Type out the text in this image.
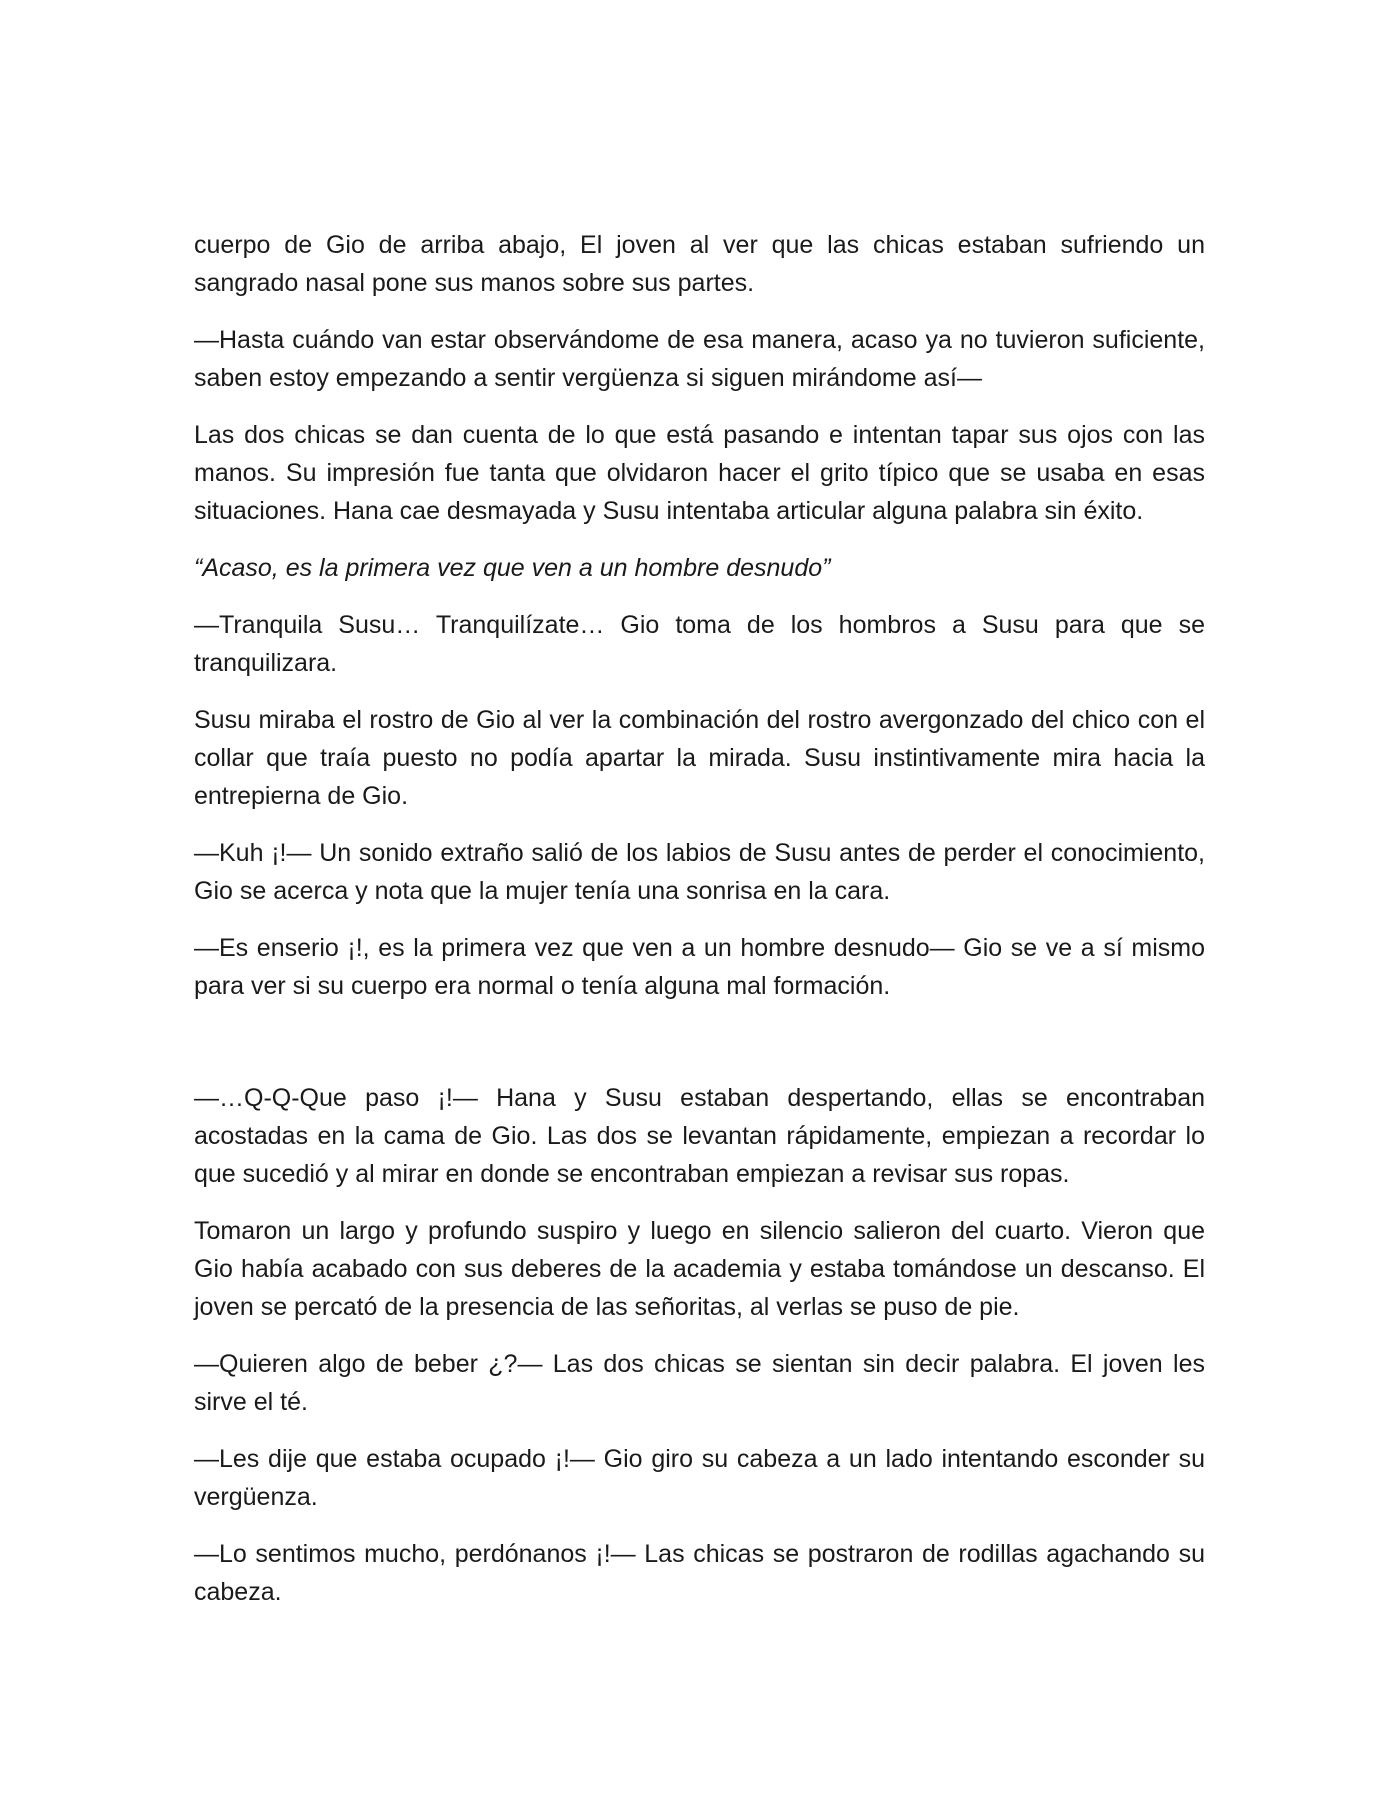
cuerpo de Gio de arriba abajo, El joven al ver que las chicas estaban sufriendo un sangrado nasal pone sus manos sobre sus partes.

—Hasta cuándo van estar observándome de esa manera, acaso ya no tuvieron suficiente, saben estoy empezando a sentir vergüenza si siguen mirándome así—

Las dos chicas se dan cuenta de lo que está pasando e intentan tapar sus ojos con las manos. Su impresión fue tanta que olvidaron hacer el grito típico que se usaba en esas situaciones. Hana cae desmayada y Susu intentaba articular alguna palabra sin éxito.

“Acaso, es la primera vez que ven a un hombre desnudo”

—Tranquila Susu… Tranquilízate… Gio toma de los hombros a Susu para que se tranquilizara.

Susu miraba el rostro de Gio al ver la combinación del rostro avergonzado del chico con el collar que traía puesto no podía apartar la mirada. Susu instintivamente mira hacia la entrepierna de Gio.

—Kuh ¡!— Un sonido extraño salió de los labios de Susu antes de perder el conocimiento, Gio se acerca y nota que la mujer tenía una sonrisa en la cara.

—Es enserio ¡!, es la primera vez que ven a un hombre desnudo— Gio se ve a sí mismo para ver si su cuerpo era normal o tenía alguna mal formación.

—…Q-Q-Que paso ¡!— Hana y Susu estaban despertando, ellas se encontraban acostadas en la cama de Gio. Las dos se levantan rápidamente, empiezan a recordar lo que sucedió y al mirar en donde se encontraban empiezan a revisar sus ropas.

Tomaron un largo y profundo suspiro y luego en silencio salieron del cuarto. Vieron que Gio había acabado con sus deberes de la academia y estaba tomándose un descanso. El joven se percató de la presencia de las señoritas, al verlas se puso de pie.

—Quieren algo de beber ¿?— Las dos chicas se sientan sin decir palabra. El joven les sirve el té.

—Les dije que estaba ocupado ¡!— Gio giro su cabeza a un lado intentando esconder su vergüenza.

—Lo sentimos mucho, perdónanos ¡!— Las chicas se postraron de rodillas agachando su cabeza.
